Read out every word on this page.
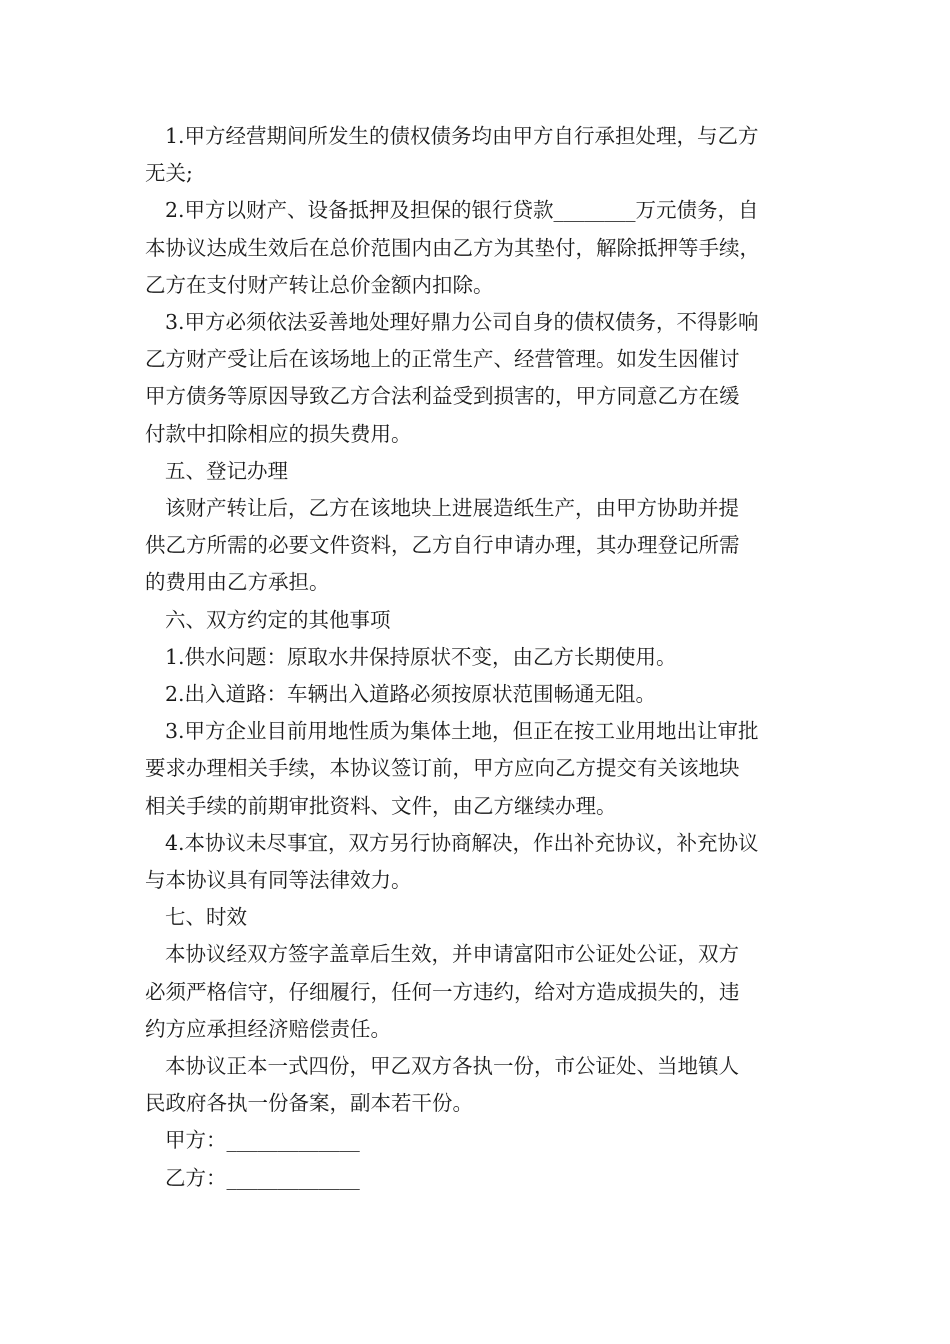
1.甲方经营期间所发生的债权债务均由甲方自行承担处理，与乙方
无关;

2.甲方以财产、设备抵押及担保的银行贷款________万元债务，自
本协议达成生效后在总价范围内由乙方为其垫付，解除抵押等手续，
乙方在支付财产转让总价金额内扣除。

3.甲方必须依法妥善地处理好鼎力公司自身的债权债务，不得影响
乙方财产受让后在该场地上的正常生产、经营管理。如发生因催讨
甲方债务等原因导致乙方合法利益受到损害的，甲方同意乙方在缓
付款中扣除相应的损失费用。

五、登记办理

该财产转让后，乙方在该地块上进展造纸生产，由甲方协助并提
供乙方所需的必要文件资料，乙方自行申请办理，其办理登记所需
的费用由乙方承担。

六、双方约定的其他事项

1.供水问题：原取水井保持原状不变，由乙方长期使用。

2.出入道路：车辆出入道路必须按原状范围畅通无阻。

3.甲方企业目前用地性质为集体土地，但正在按工业用地出让审批
要求办理相关手续，本协议签订前，甲方应向乙方提交有关该地块
相关手续的前期审批资料、文件，由乙方继续办理。

4.本协议未尽事宜，双方另行协商解决，作出补充协议，补充协议
与本协议具有同等法律效力。

七、时效

本协议经双方签字盖章后生效，并申请富阳市公证处公证，双方
必须严格信守，仔细履行，任何一方违约，给对方造成损失的，违
约方应承担经济赔偿责任。

本协议正本一式四份，甲乙双方各执一份，市公证处、当地镇人
民政府各执一份备案，副本若干份。

甲方：_____________

乙方：_____________
